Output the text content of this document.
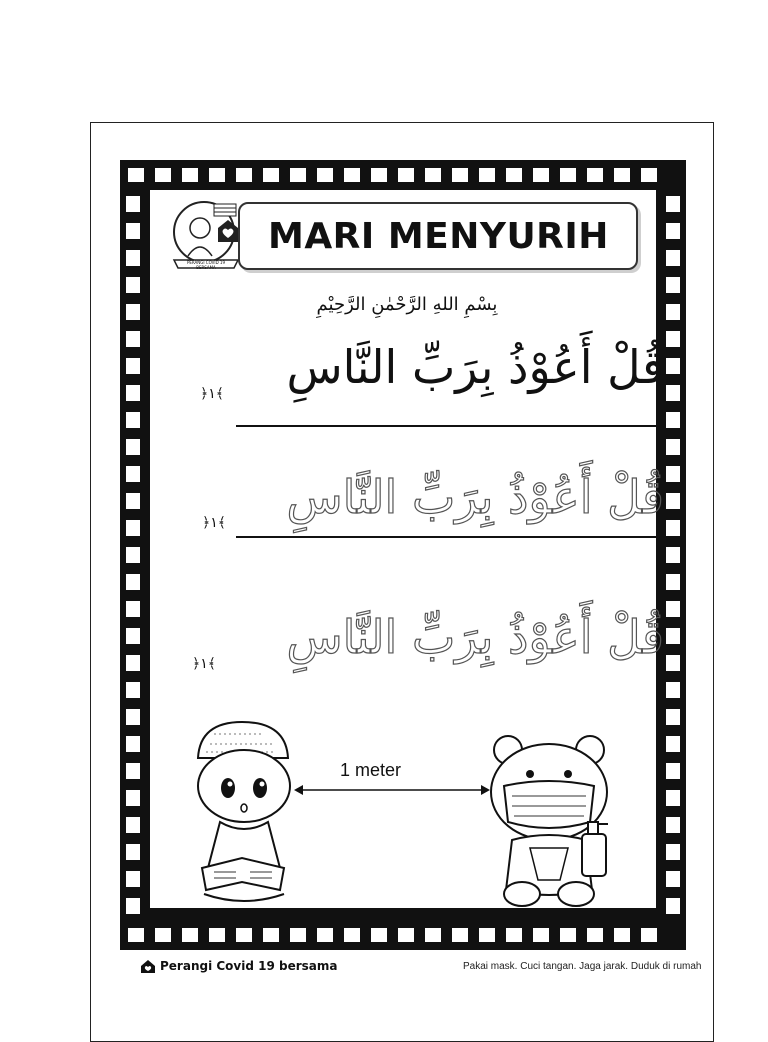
PERANGI COVID 19 BERSAMA
MARI MENYURIH
بِسْمِ اللهِ الرَّحْمٰنِ الرَّحِيْمِ
قُلْ أَعُوْذُ بِرَبِّ النَّاسِ
﴿١﴾
قُلْ أَعُوْذُ بِرَبِّ النَّاسِ
﴿١﴾
قُلْ أَعُوْذُ بِرَبِّ النَّاسِ
﴿١﴾
1 meter
Perangi Covid 19 bersama	Pakai mask. Cuci tangan. Jaga jarak. Duduk di rumah
